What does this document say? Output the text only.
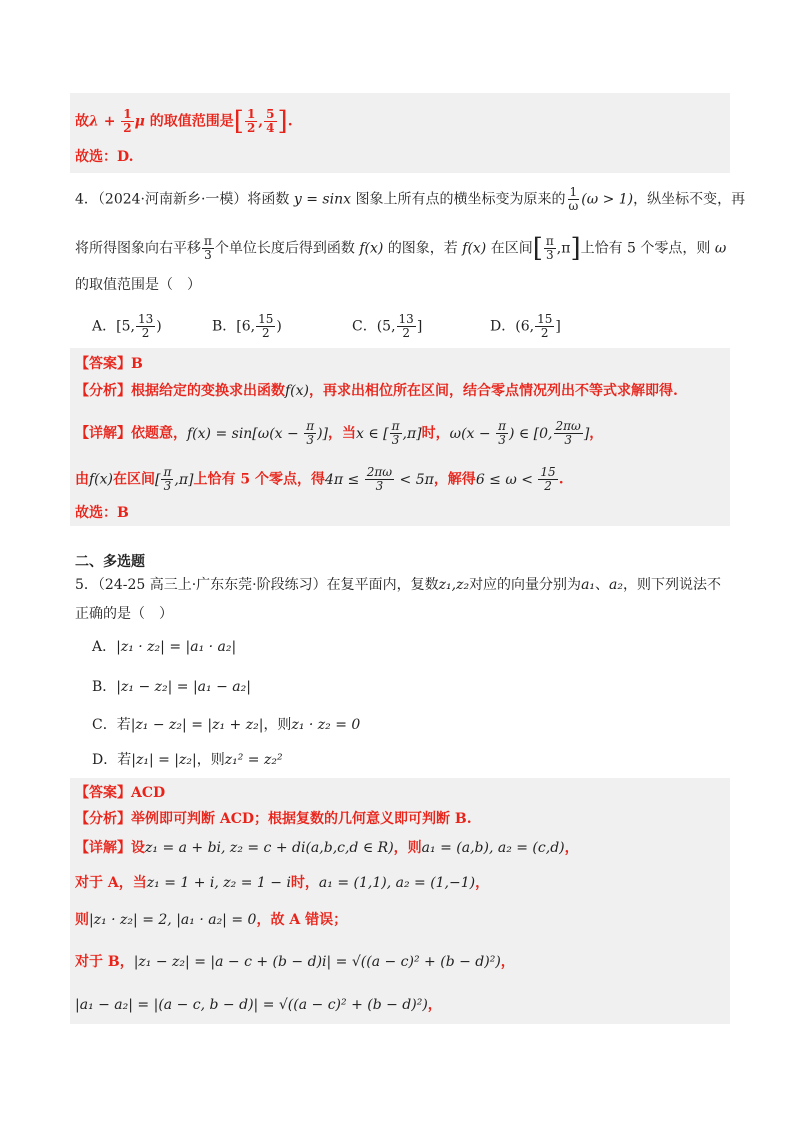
故$\lambda + \frac{1}{2}$ μ 的取值范围是[ $\frac{1}{2}$ , $\frac{5}{4}$ ].
故选：D.
4．（2024·河南新乡·一模）将函数 y = sinx 图象上所有点的横坐标变为原来的 $\frac{1}{\omega} (\omega > 1)$，纵坐标不变，再
将所得图象向右平移 $\frac{\pi}{3}$ 个单位长度后得到函数 f(x) 的图象，若 f(x) 在区间[ $\frac{\pi}{3} ,\pi$]上恰有 5 个零点，则 ω
的取值范围是（　）
A．[5, $\frac{13}{2}$ )	B．[6, $\frac{15}{2}$ )	C．(5, $\frac{13}{2}$ ]	D．(6, $\frac{15}{2}$ ]
【答案】B
【分析】根据给定的变换求出函数f(x)，再求出相位所在区间，结合零点情况列出不等式求解即得.
【详解】依题意，$f(x) = \sin[\omega(x - \frac{\pi}{3}$ )]，当x ∈ [ $\frac{\pi}{3} ,\pi$]时，$\omega(x - \frac{\pi}{3}$ ) ∈ [0, $\frac{2\pi\omega}{3}$ ]，
由f(x)在区间[ $\frac{\pi}{3} ,\pi$]上恰有 5 个零点，得$4\pi \le \frac{2\pi\omega}{3} < 5\pi$，解得$6 \le \omega < \frac{15}{2}$ .
故选：B
二、多选题
5．（24-25 高三上·广东东莞·阶段练习）在复平面内，复数z₁,z₂对应的向量分别为a₁、a₂，则下列说法不
正确的是（　）
A．|z₁ · z₂| = |a₁ · a₂|
B．|z₁ − z₂| = |a₁ − a₂|
C．若|z₁ − z₂| = |z₁ + z₂|，则z₁ · z₂ = 0
D．若|z₁| = |z₂|，则z₁² = z₂²
【答案】ACD
【分析】举例即可判断 ACD；根据复数的几何意义即可判断 B.
【详解】设z₁ = a + bi, z₂ = c + di(a,b,c,d ∈ R)，则a₁ = (a,b), a₂ = (c,d)，
对于 A，当z₁ = 1 + i, z₂ = 1 − i时，a₁ = (1,1), a₂ = (1,−1)，
则|z₁ · z₂| = 2, |a₁ · a₂| = 0，故 A 错误；
对于 B，|z₁ − z₂| = |a − c + (b − d)i| = √((a − c)² + (b − d)²)，
|a₁ − a₂| = |(a − c, b − d)| = √((a − c)² + (b − d)²)，
